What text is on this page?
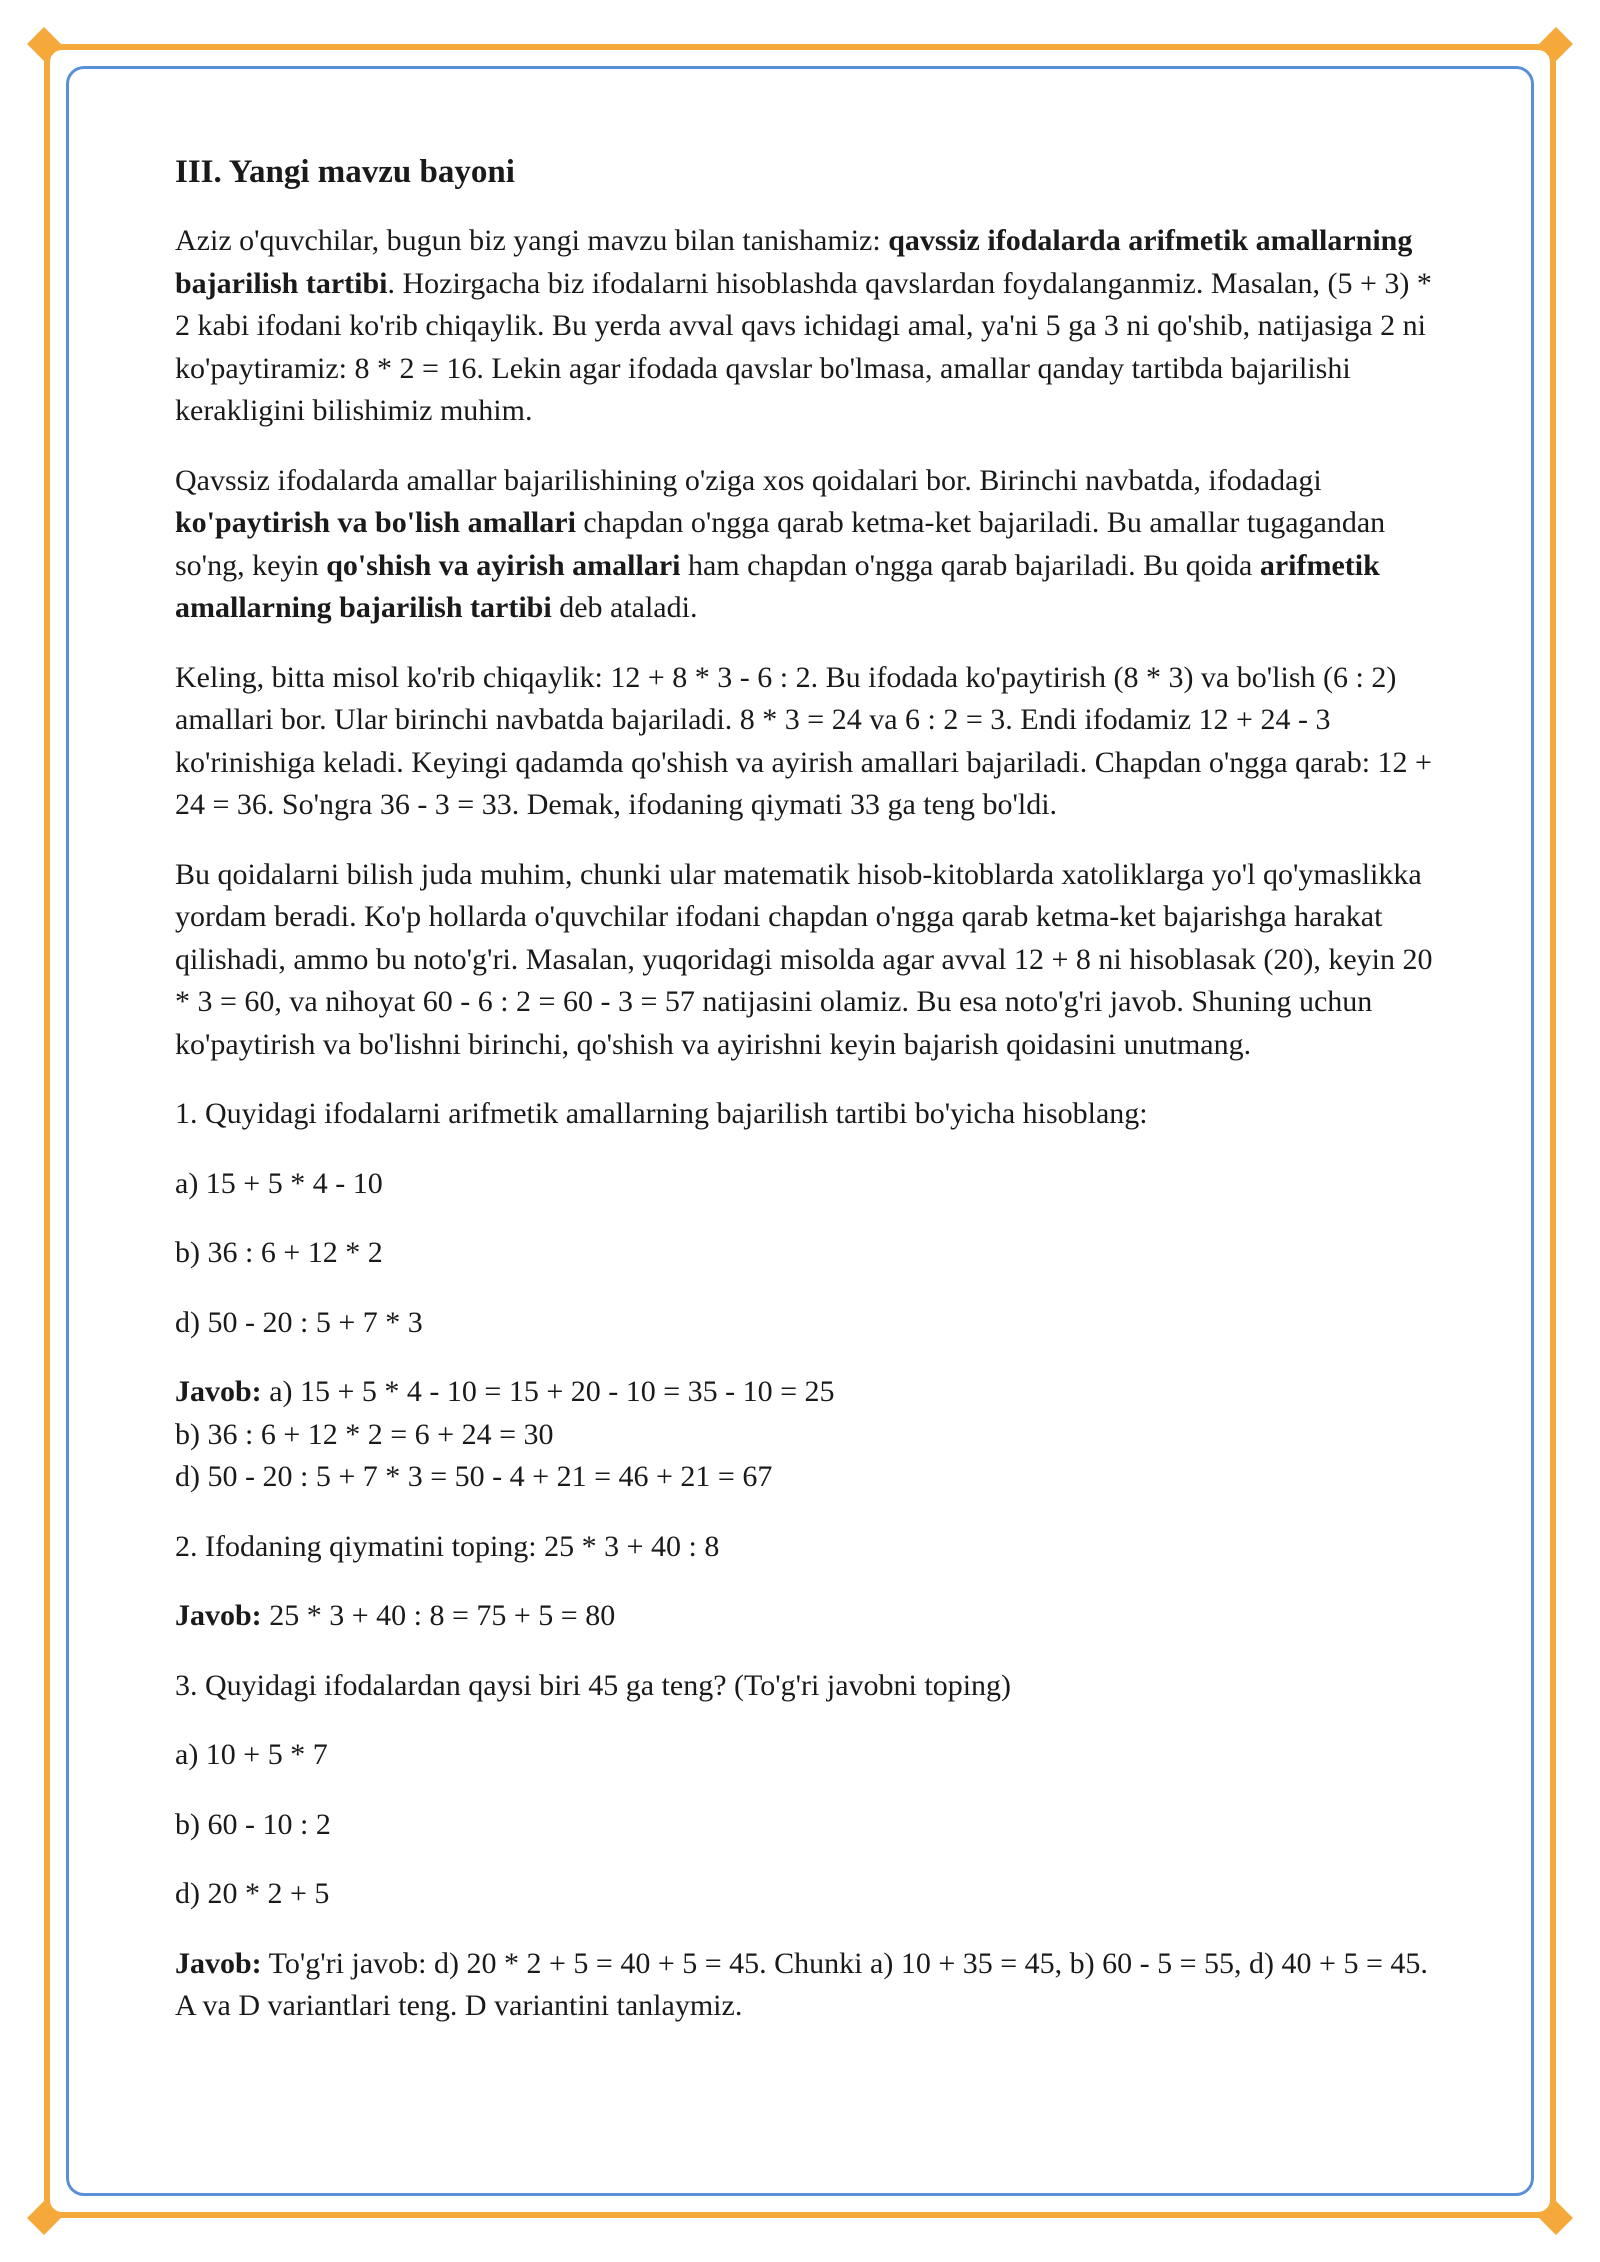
III. Yangi mavzu bayoni

Aziz o'quvchilar, bugun biz yangi mavzu bilan tanishamiz: qavssiz ifodalarda arifmetik amallarning bajarilish tartibi. Hozirgacha biz ifodalarni hisoblashda qavslardan foydalanganmiz. Masalan, (5 + 3) * 2 kabi ifodani ko'rib chiqaylik. Bu yerda avval qavs ichidagi amal, ya'ni 5 ga 3 ni qo'shib, natijasiga 2 ni ko'paytiramiz: 8 * 2 = 16. Lekin agar ifodada qavslar bo'lmasa, amallar qanday tartibda bajarilishi kerakligini bilishimiz muhim.

Qavssiz ifodalarda amallar bajarilishining o'ziga xos qoidalari bor. Birinchi navbatda, ifodadagi ko'paytirish va bo'lish amallari chapdan o'ngga qarab ketma-ket bajariladi. Bu amallar tugagandan so'ng, keyin qo'shish va ayirish amallari ham chapdan o'ngga qarab bajariladi. Bu qoida arifmetik amallarning bajarilish tartibi deb ataladi.

Keling, bitta misol ko'rib chiqaylik: 12 + 8 * 3 - 6 : 2. Bu ifodada ko'paytirish (8 * 3) va bo'lish (6 : 2) amallari bor. Ular birinchi navbatda bajariladi. 8 * 3 = 24 va 6 : 2 = 3. Endi ifodamiz 12 + 24 - 3 ko'rinishiga keladi. Keyingi qadamda qo'shish va ayirish amallari bajariladi. Chapdan o'ngga qarab: 12 + 24 = 36. So'ngra 36 - 3 = 33. Demak, ifodaning qiymati 33 ga teng bo'ldi.

Bu qoidalarni bilish juda muhim, chunki ular matematik hisob-kitoblarda xatoliklarga yo'l qo'ymaslikka yordam beradi. Ko'p hollarda o'quvchilar ifodani chapdan o'ngga qarab ketma-ket bajarishga harakat qilishadi, ammo bu noto'g'ri. Masalan, yuqoridagi misolda agar avval 12 + 8 ni hisoblasak (20), keyin 20 * 3 = 60, va nihoyat 60 - 6 : 2 = 60 - 3 = 57 natijasini olamiz. Bu esa noto'g'ri javob. Shuning uchun ko'paytirish va bo'lishni birinchi, qo'shish va ayirishni keyin bajarish qoidasini unutmang.

1. Quyidagi ifodalarni arifmetik amallarning bajarilish tartibi bo'yicha hisoblang:

a) 15 + 5 * 4 - 10

b) 36 : 6 + 12 * 2

d) 50 - 20 : 5 + 7 * 3

Javob: a) 15 + 5 * 4 - 10 = 15 + 20 - 10 = 35 - 10 = 25
b) 36 : 6 + 12 * 2 = 6 + 24 = 30
d) 50 - 20 : 5 + 7 * 3 = 50 - 4 + 21 = 46 + 21 = 67

2. Ifodaning qiymatini toping: 25 * 3 + 40 : 8

Javob: 25 * 3 + 40 : 8 = 75 + 5 = 80

3. Quyidagi ifodalardan qaysi biri 45 ga teng? (To'g'ri javobni toping)

a) 10 + 5 * 7

b) 60 - 10 : 2

d) 20 * 2 + 5

Javob: To'g'ri javob: d) 20 * 2 + 5 = 40 + 5 = 45. Chunki a) 10 + 35 = 45, b) 60 - 5 = 55, d) 40 + 5 = 45. A va D variantlari teng. D variantini tanlaymiz.
